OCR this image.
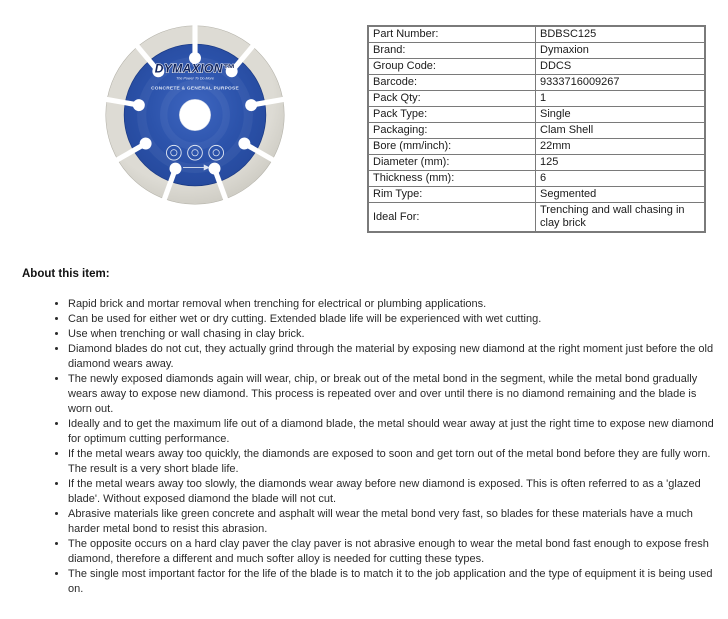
DYMAXION™
The Power To Do More
CONCRETE & GENERAL PURPOSE
Part Number:	BDBSC125
Brand:	Dymaxion
Group Code:	DDCS
Barcode:	9333716009267
Pack Qty:	1
Pack Type:	Single
Packaging:	Clam Shell
Bore (mm/inch):	22mm
Diameter (mm):	125
Thickness (mm):	6
Rim Type:	Segmented
Ideal For:	Trenching and wall chasing in clay brick
About this item:
• Rapid brick and mortar removal when trenching for electrical or plumbing applications.
• Can be used for either wet or dry cutting. Extended blade life will be experienced with wet cutting.
• Use when trenching or wall chasing in clay brick.
• Diamond blades do not cut, they actually grind through the material by exposing new diamond at the right moment just before the old diamond wears away.
• The newly exposed diamonds again will wear, chip, or break out of the metal bond in the segment, while the metal bond gradually wears away to expose new diamond. This process is repeated over and over until there is no diamond remaining and the blade is worn out.
• Ideally and to get the maximum life out of a diamond blade, the metal should wear away at just the right time to expose new diamond for optimum cutting performance.
• If the metal wears away too quickly, the diamonds are exposed to soon and get torn out of the metal bond before they are fully worn. The result is a very short blade life.
• If the metal wears away too slowly, the diamonds wear away before new diamond is exposed. This is often referred to as a 'glazed blade'. Without exposed diamond the blade will not cut.
• Abrasive materials like green concrete and asphalt will wear the metal bond very fast, so blades for these materials have a much harder metal bond to resist this abrasion.
• The opposite occurs on a hard clay paver the clay paver is not abrasive enough to wear the metal bond fast enough to expose fresh diamond, therefore a different and much softer alloy is needed for cutting these types.
• The single most important factor for the life of the blade is to match it to the job application and the type of equipment it is being used on.
